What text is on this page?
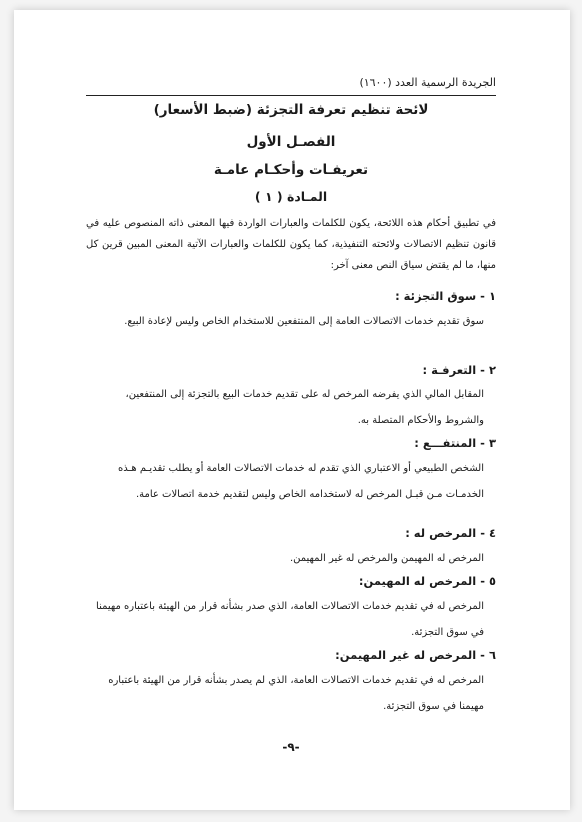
الجريدة الرسمية العدد (١٦٠٠)
لائحة تنظيم تعرفة التجزئة (ضبط الأسعار)
الفصـل الأول
تعريفـات وأحكـام عامـة
المـادة ( ١ )
في تطبيق أحكام هذه اللائحة، يكون للكلمات والعبارات الواردة فيها المعنى ذاته المنصوص عليه في قانون تنظيم الاتصالات ولائحته التنفيذية، كما يكون للكلمات والعبارات الآتية المعنى المبين قرين كل منها، ما لم يقتض سياق النص معنى آخر:
١ - سوق التجزئة :
سوق تقديم خدمات الاتصالات العامة إلى المنتفعين للاستخدام الخاص وليس لإعادة البيع.
٢ - التعرفـة :
المقابل المالي الذي يفرضه المرخص له على تقديم خدمات البيع بالتجزئة إلى المنتفعين، والشروط والأحكام المتصلة به.
٣ - المنتفـــع :
الشخص الطبيعي أو الاعتباري الذي تقدم له خدمات الاتصالات العامة أو يطلب تقديـم هـذه الخدمـات مـن قبـل المرخص له لاستخدامه الخاص وليس لتقديم خدمة اتصالات عامة.
٤ - المرخص له :
المرخص له المهيمن والمرخص له غير المهيمن.
٥ - المرخص له المهيمن:
المرخص له في تقديم خدمات الاتصالات العامة، الذي صدر بشأنه قرار من الهيئة باعتباره مهيمنا في سوق التجزئة.
٦ - المرخص له غير المهيمن:
المرخص له في تقديم خدمات الاتصالات العامة، الذي لم يصدر بشأنه قرار من الهيئة باعتباره مهيمنا في سوق التجزئة.
-٩-
